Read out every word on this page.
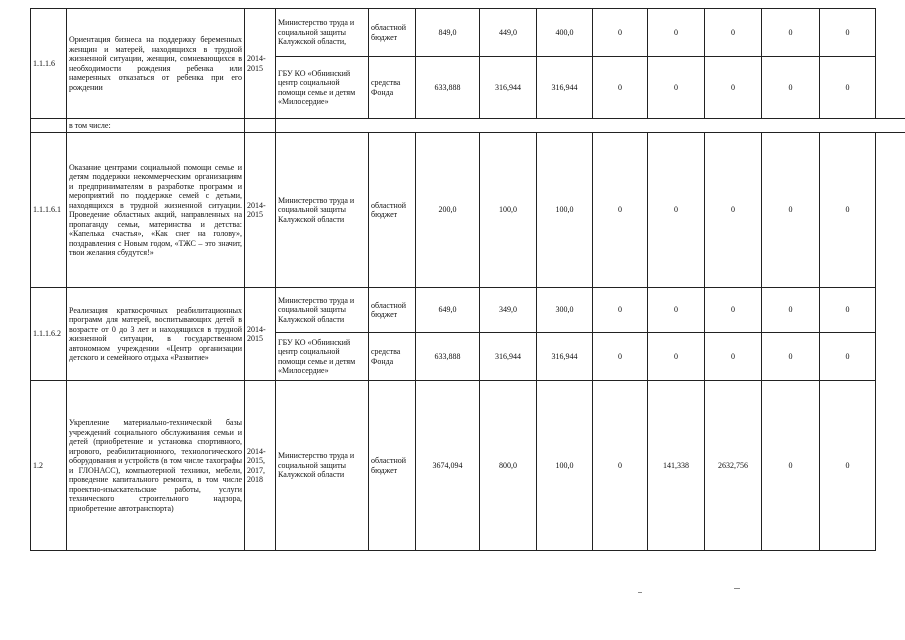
1.1.1.6	Ориентация бизнеса на поддержку беременных женщин и матерей, находящихся в трудной жизненной ситуации, женщин, сомневающихся в необходимости рождения ребенка или намеренных отказаться от ребенка при его рождении	2014-2015	Министерство труда и социальной защиты Калужской области,	областной бюджет	849,0	449,0	400,0	0	0	0	0	0
			ГБУ КО «Обнинский центр социальной помощи семье и детям «Милосердие»	средства Фонда	633,888	316,944	316,944	0	0	0	0	0
	в том числе:											
1.1.1.6.1	Оказание центрами социальной помощи семье и детям поддержки некоммерческим организациям и предпринимателям в разработке программ и мероприятий по поддержке семей с детьми, находящихся в трудной жизненной ситуации. Проведение областных акций, направленных на пропаганду семьи, материнства и детства: «Капелька счастья», «Как снег на голову», поздравления с Новым годом, «ТЖС – это значит, твои желания сбудутся!»	2014-2015	Министерство труда и социальной защиты Калужской области	областной бюджет	200,0	100,0	100,0	0	0	0	0	0
1.1.1.6.2	Реализация краткосрочных реабилитационных программ для матерей, воспитывающих детей в возрасте от 0 до 3 лет и находящихся в трудной жизненной ситуации, в государственном автономном учреждении «Центр организации детского и семейного отдыха «Развитие»	2014-2015	Министерство труда и социальной защиты Калужской области	областной бюджет	649,0	349,0	300,0	0	0	0	0	0
			ГБУ КО «Обнинский центр социальной помощи семье и детям «Милосердие»	средства Фонда	633,888	316,944	316,944	0	0	0	0	0
1.2	Укрепление материально-технической базы учреждений социального обслуживания семьи и детей (приобретение и установка спортивного, игрового, реабилитационного, технологического оборудования и устройств (в том числе тахографы и ГЛОНАСС), компьютерной техники, мебели, проведение капитального ремонта, в том числе проектно-изыскательские работы, услуги технического строительного надзора, приобретение автотранспорта)	2014-2015, 2017, 2018	Министерство труда и социальной защиты Калужской области	областной бюджет	3674,094	800,0	100,0	0	141,338	2632,756	0	0
